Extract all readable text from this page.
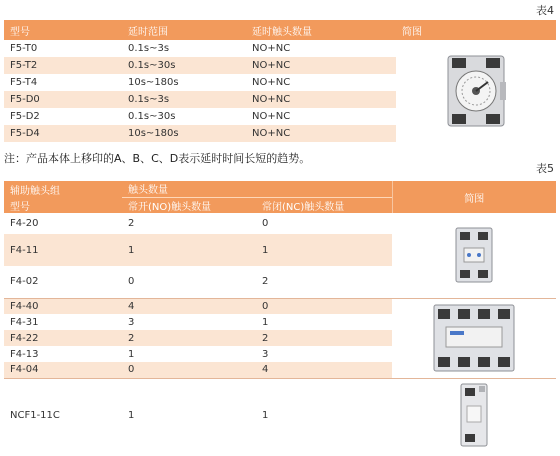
表4
型号	延时范围	延时触头数量	简图
F5-T0	0.1s~3s	NO+NC	

F5-T2	0.1s~30s	NO+NC	
F5-T4	10s~180s	NO+NC	
F5-D0	0.1s~3s	NO+NC	
F5-D2	0.1s~30s	NO+NC	
F5-D4	10s~180s	NO+NC	
注：产品本体上移印的A、B、C、D表示延时时间长短的趋势。
表5
辅助触头组	触头数量		简图
型号	常开(NO)触头数量	常闭(NC)触头数量	
F4-20	2	0	

F4-11	1	1	
F4-02	0	2	
F4-40	4	0	

F4-31	3	1	
F4-22	2	2	
F4-13	1	3	
F4-04	0	4	
NCF1-11C	1	1	
